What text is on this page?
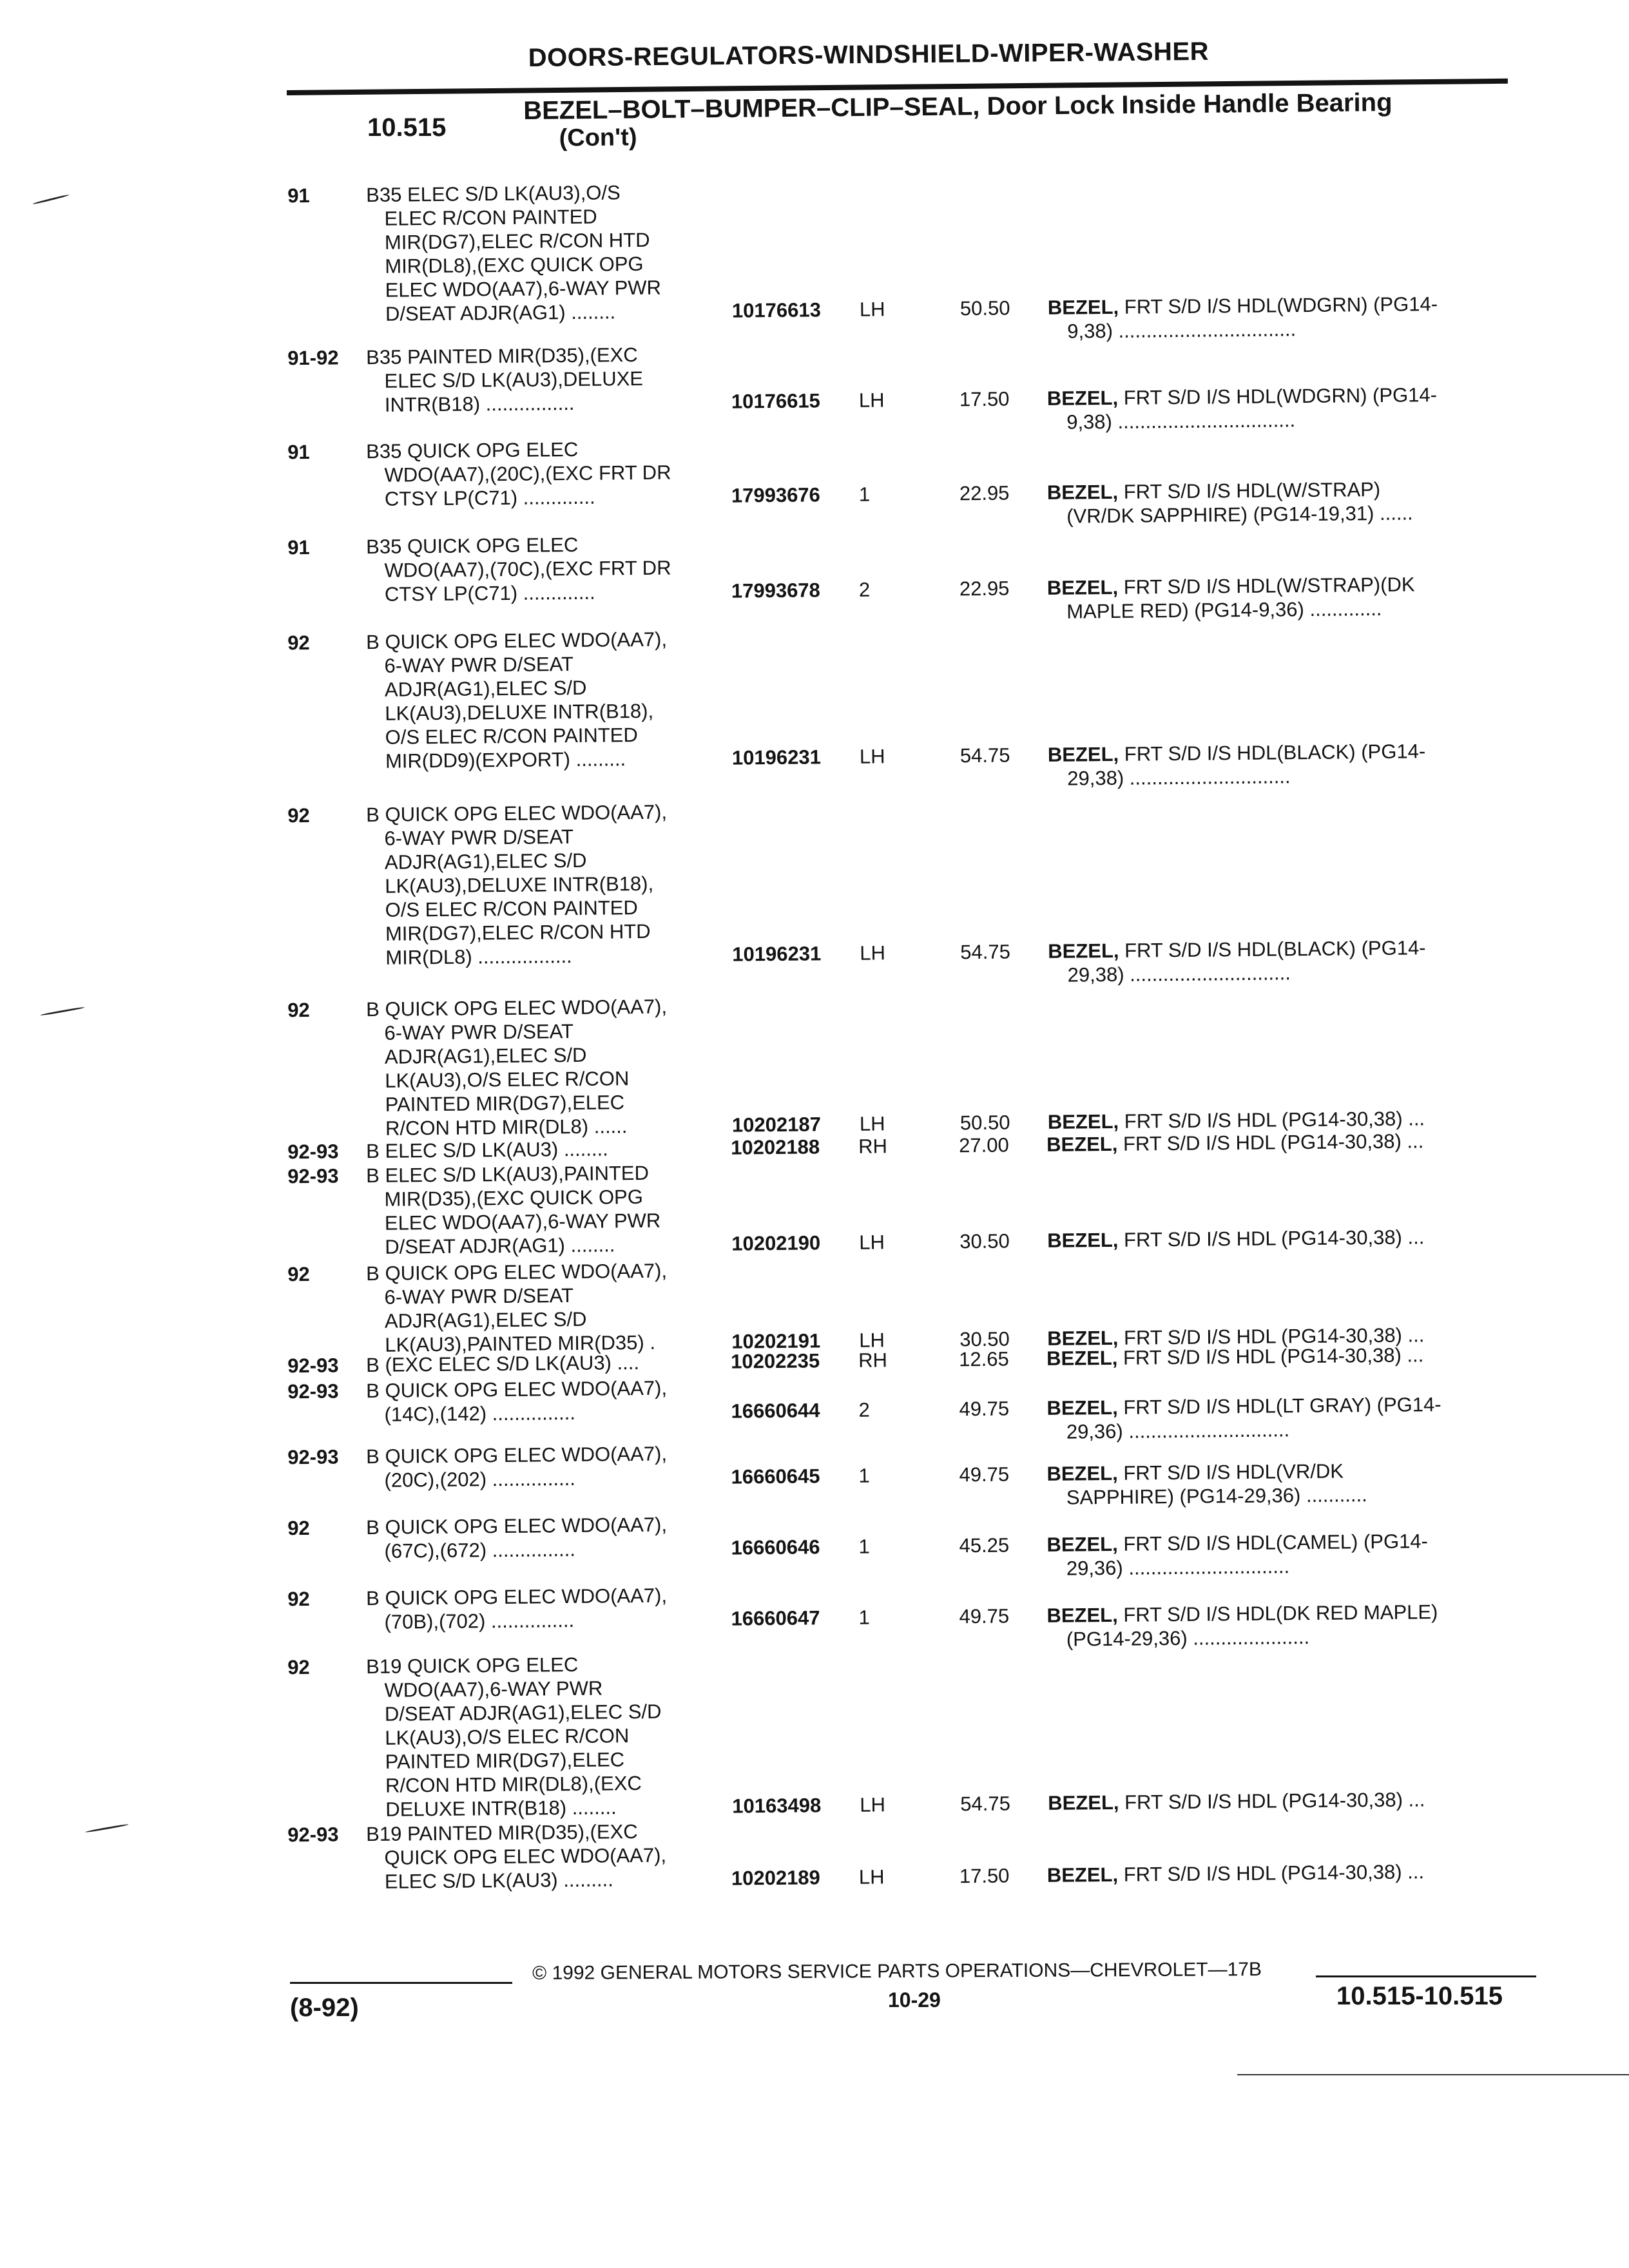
DOORS-REGULATORS-WINDSHIELD-WIPER-WASHER
10.515
BEZEL–BOLT–BUMPER–CLIP–SEAL, Door Lock Inside Handle Bearing
(Con't)
91	B35 ELEC S/D LK(AU3),O/S
ELEC R/CON PAINTED
MIR(DG7),ELEC R/CON HTD
MIR(DL8),(EXC QUICK OPG
ELEC WDO(AA7),6-WAY PWR
D/SEAT ADJR(AG1) ........	10176613 LH	50.50 BEZEL, FRT S/D I/S HDL(WDGRN) (PG14-
9,38) ................................
91-92 B35 PAINTED MIR(D35),(EXC
ELEC S/D LK(AU3),DELUXE
INTR(B18) ................	10176615 LH	17.50 BEZEL, FRT S/D I/S HDL(WDGRN) (PG14-
9,38) ................................
91	B35 QUICK OPG ELEC
WDO(AA7),(20C),(EXC FRT DR
CTSY LP(C71) .............	17993676 1	22.95 BEZEL, FRT S/D I/S HDL(W/STRAP)
(VR/DK SAPPHIRE) (PG14-19,31) ......
91	B35 QUICK OPG ELEC
WDO(AA7),(70C),(EXC FRT DR
CTSY LP(C71) .............	17993678 2	22.95 BEZEL, FRT S/D I/S HDL(W/STRAP)(DK
MAPLE RED) (PG14-9,36) .............
92	B QUICK OPG ELEC WDO(AA7),
6-WAY PWR D/SEAT
ADJR(AG1),ELEC S/D
LK(AU3),DELUXE INTR(B18),
O/S ELEC R/CON PAINTED
MIR(DD9)(EXPORT) .........	10196231 LH	54.75 BEZEL, FRT S/D I/S HDL(BLACK) (PG14-
29,38) .............................
92	B QUICK OPG ELEC WDO(AA7),
6-WAY PWR D/SEAT
ADJR(AG1),ELEC S/D
LK(AU3),DELUXE INTR(B18),
O/S ELEC R/CON PAINTED
MIR(DG7),ELEC R/CON HTD
MIR(DL8) .................	10196231 LH	54.75 BEZEL, FRT S/D I/S HDL(BLACK) (PG14-
29,38) .............................
92	B QUICK OPG ELEC WDO(AA7),
6-WAY PWR D/SEAT
ADJR(AG1),ELEC S/D
LK(AU3),O/S ELEC R/CON
PAINTED MIR(DG7),ELEC
R/CON HTD MIR(DL8) ......	10202187 LH	50.50 BEZEL, FRT S/D I/S HDL (PG14-30,38) ...
92-93 B ELEC S/D LK(AU3) ........	10202188 RH	27.00 BEZEL, FRT S/D I/S HDL (PG14-30,38) ...
92-93 B ELEC S/D LK(AU3),PAINTED
MIR(D35),(EXC QUICK OPG
ELEC WDO(AA7),6-WAY PWR
D/SEAT ADJR(AG1) ........	10202190 LH	30.50 BEZEL, FRT S/D I/S HDL (PG14-30,38) ...
92	B QUICK OPG ELEC WDO(AA7),
6-WAY PWR D/SEAT
ADJR(AG1),ELEC S/D
LK(AU3),PAINTED MIR(D35) .	10202191 LH	30.50 BEZEL, FRT S/D I/S HDL (PG14-30,38) ...
92-93 B (EXC ELEC S/D LK(AU3) ....	10202235 RH	12.65 BEZEL, FRT S/D I/S HDL (PG14-30,38) ...
92-93 B QUICK OPG ELEC WDO(AA7),
(14C),(142) ...............	16660644 2	49.75 BEZEL, FRT S/D I/S HDL(LT GRAY) (PG14-
29,36) .............................
92-93 B QUICK OPG ELEC WDO(AA7),
(20C),(202) ...............	16660645 1	49.75 BEZEL, FRT S/D I/S HDL(VR/DK
SAPPHIRE) (PG14-29,36) ...........
92	B QUICK OPG ELEC WDO(AA7),
(67C),(672) ...............	16660646 1	45.25 BEZEL, FRT S/D I/S HDL(CAMEL) (PG14-
29,36) .............................
92	B QUICK OPG ELEC WDO(AA7),
(70B),(702) ...............	16660647 1	49.75 BEZEL, FRT S/D I/S HDL(DK RED MAPLE)
(PG14-29,36) .....................
92	B19 QUICK OPG ELEC
WDO(AA7),6-WAY PWR
D/SEAT ADJR(AG1),ELEC S/D
LK(AU3),O/S ELEC R/CON
PAINTED MIR(DG7),ELEC
R/CON HTD MIR(DL8),(EXC
DELUXE INTR(B18) ........	10163498 LH	54.75 BEZEL, FRT S/D I/S HDL (PG14-30,38) ...
92-93 B19 PAINTED MIR(D35),(EXC
QUICK OPG ELEC WDO(AA7),
ELEC S/D LK(AU3) .........	10202189 LH	17.50 BEZEL, FRT S/D I/S HDL (PG14-30,38) ...
© 1992 GENERAL MOTORS SERVICE PARTS OPERATIONS—CHEVROLET—17B
(8-92)	10-29	10.515-10.515
